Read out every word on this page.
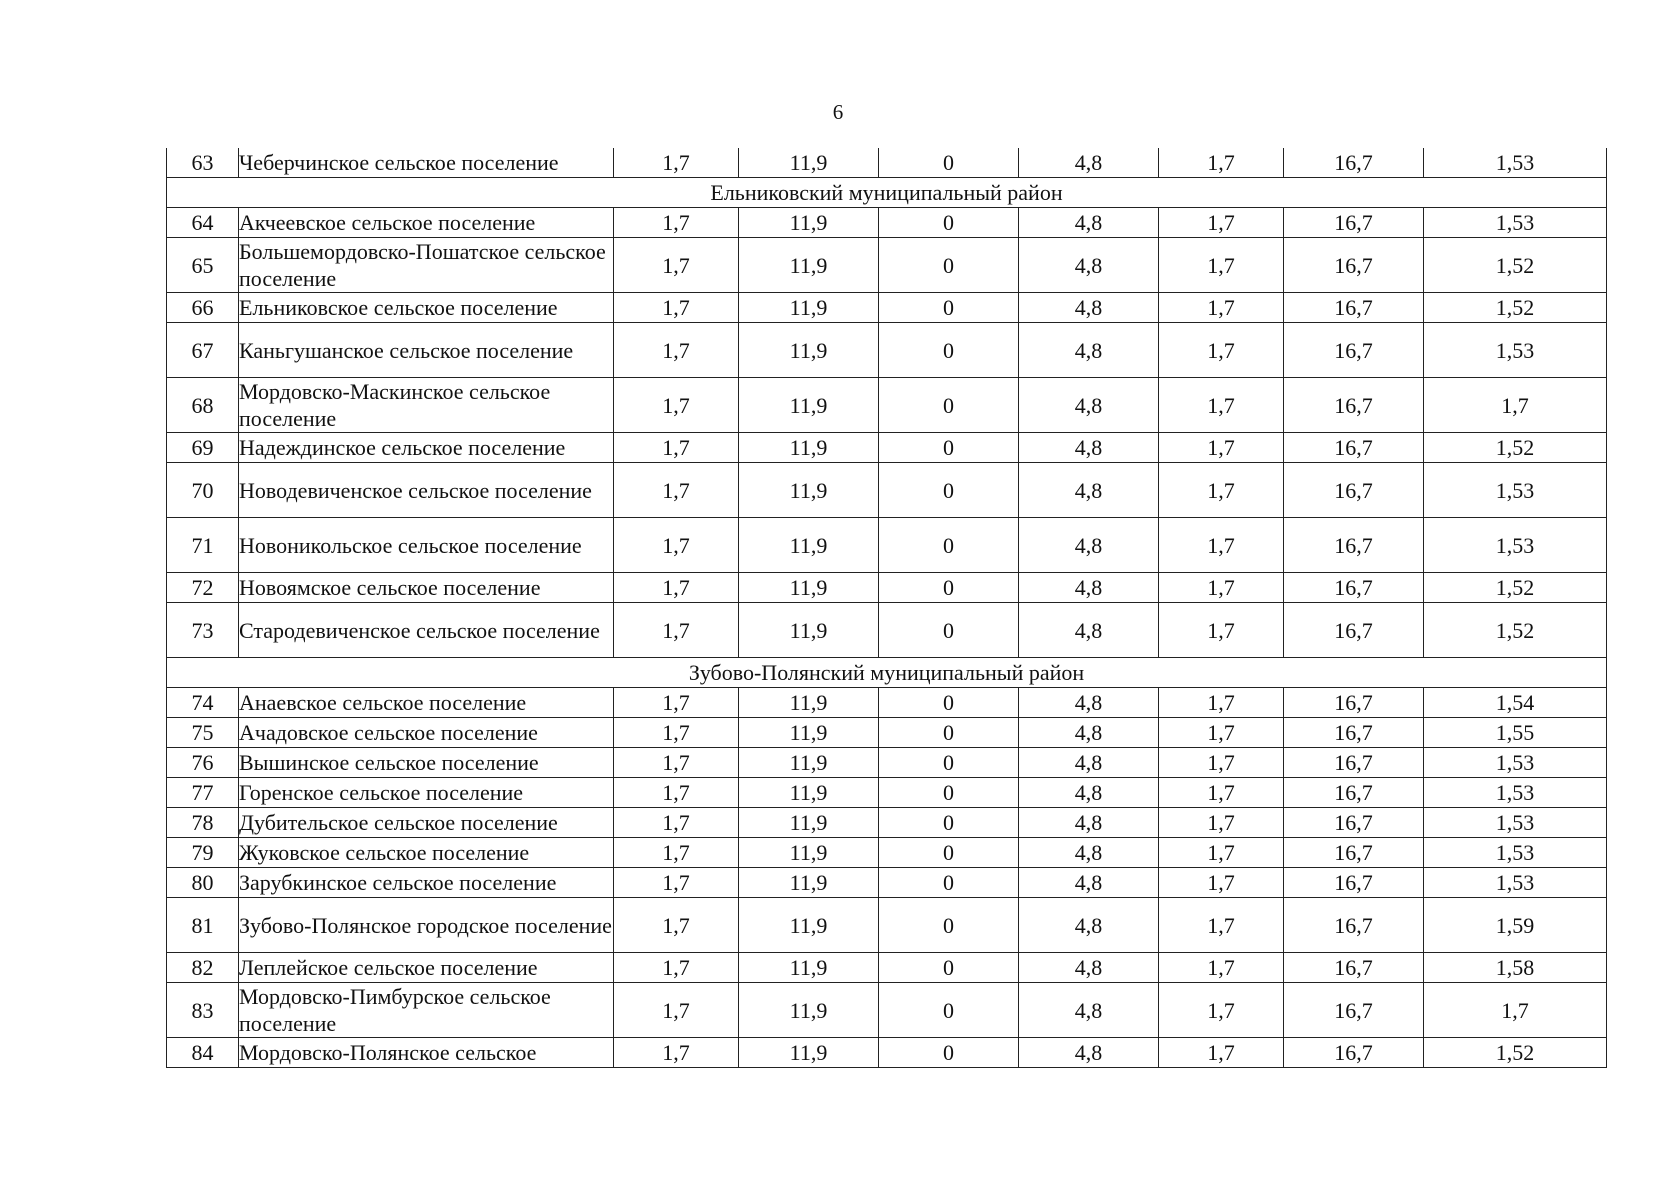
6
63	Чеберчинское сельское поселение	1,7	11,9	0	4,8	1,7	16,7	1,53
Ельниковский муниципальный район								
64	Акчеевское сельское поселение	1,7	11,9	0	4,8	1,7	16,7	1,53
65	Большемордовско-Пошатское сельское поселение	1,7	11,9	0	4,8	1,7	16,7	1,52
66	Ельниковское сельское поселение	1,7	11,9	0	4,8	1,7	16,7	1,52
67	Каньгушанское сельское поселение	1,7	11,9	0	4,8	1,7	16,7	1,53
68	Мордовско-Маскинское сельское поселение	1,7	11,9	0	4,8	1,7	16,7	1,7
69	Надеждинское сельское поселение	1,7	11,9	0	4,8	1,7	16,7	1,52
70	Новодевиченское сельское поселение	1,7	11,9	0	4,8	1,7	16,7	1,53
71	Новоникольское сельское поселение	1,7	11,9	0	4,8	1,7	16,7	1,53
72	Новоямское сельское поселение	1,7	11,9	0	4,8	1,7	16,7	1,52
73	Стародевиченское сельское поселение	1,7	11,9	0	4,8	1,7	16,7	1,52
Зубово-Полянский муниципальный район								
74	Анаевское сельское поселение	1,7	11,9	0	4,8	1,7	16,7	1,54
75	Ачадовское сельское поселение	1,7	11,9	0	4,8	1,7	16,7	1,55
76	Вышинское сельское поселение	1,7	11,9	0	4,8	1,7	16,7	1,53
77	Горенское сельское поселение	1,7	11,9	0	4,8	1,7	16,7	1,53
78	Дубительское сельское поселение	1,7	11,9	0	4,8	1,7	16,7	1,53
79	Жуковское сельское поселение	1,7	11,9	0	4,8	1,7	16,7	1,53
80	Зарубкинское сельское поселение	1,7	11,9	0	4,8	1,7	16,7	1,53
81	Зубово-Полянское городское поселение	1,7	11,9	0	4,8	1,7	16,7	1,59
82	Леплейское сельское поселение	1,7	11,9	0	4,8	1,7	16,7	1,58
83	Мордовско-Пимбурское сельское поселение	1,7	11,9	0	4,8	1,7	16,7	1,7
84	Мордовско-Полянское сельское	1,7	11,9	0	4,8	1,7	16,7	1,52
